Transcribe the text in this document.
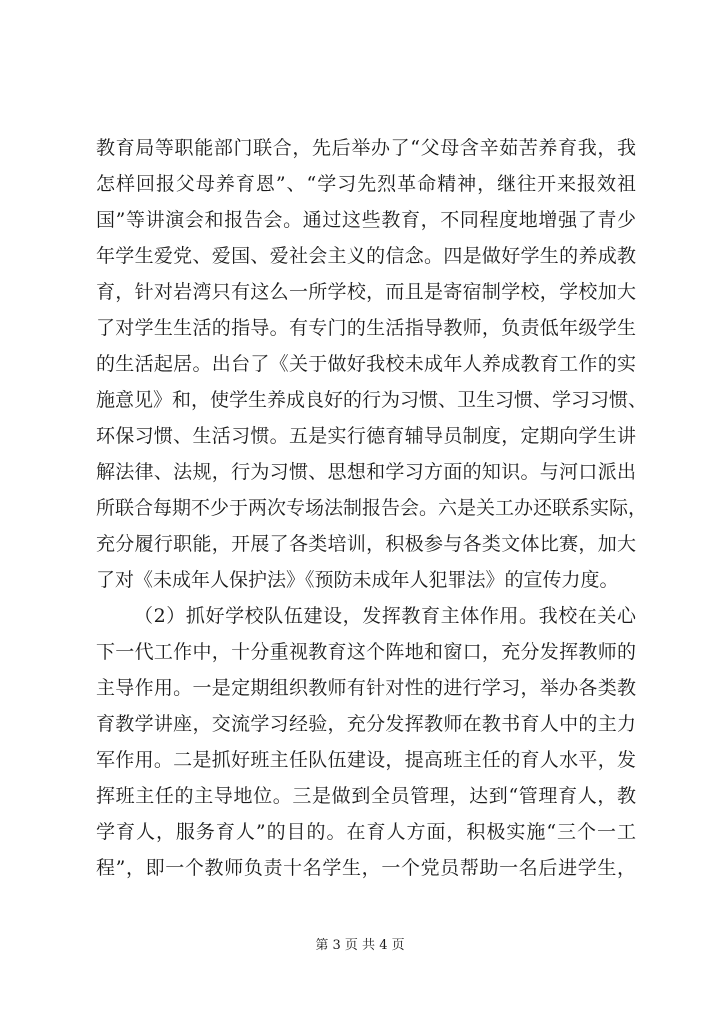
教育局等职能部门联合，先后举办了“父母含辛茹苦养育我，我
怎样回报父母养育恩”、“学习先烈革命精神，继往开来报效祖
国”等讲演会和报告会。通过这些教育，不同程度地增强了青少
年学生爱党、爱国、爱社会主义的信念。四是做好学生的养成教
育，针对岩湾只有这么一所学校，而且是寄宿制学校，学校加大
了对学生生活的指导。有专门的生活指导教师，负责低年级学生
的生活起居。出台了《关于做好我校未成年人养成教育工作的实
施意见》和，使学生养成良好的行为习惯、卫生习惯、学习习惯、
环保习惯、生活习惯。五是实行德育辅导员制度，定期向学生讲
解法律、法规，行为习惯、思想和学习方面的知识。与河口派出
所联合每期不少于两次专场法制报告会。六是关工办还联系实际，
充分履行职能，开展了各类培训，积极参与各类文体比赛，加大
了对《未成年人保护法》《预防未成年人犯罪法》的宣传力度。
（2）抓好学校队伍建设，发挥教育主体作用。我校在关心
下一代工作中，十分重视教育这个阵地和窗口，充分发挥教师的
主导作用。一是定期组织教师有针对性的进行学习，举办各类教
育教学讲座，交流学习经验，充分发挥教师在教书育人中的主力
军作用。二是抓好班主任队伍建设，提高班主任的育人水平，发
挥班主任的主导地位。三是做到全员管理，达到“管理育人，教
学育人，服务育人”的目的。在育人方面，积极实施“三个一工
程”，即一个教师负责十名学生，一个党员帮助一名后进学生，
第 3 页 共 4 页
